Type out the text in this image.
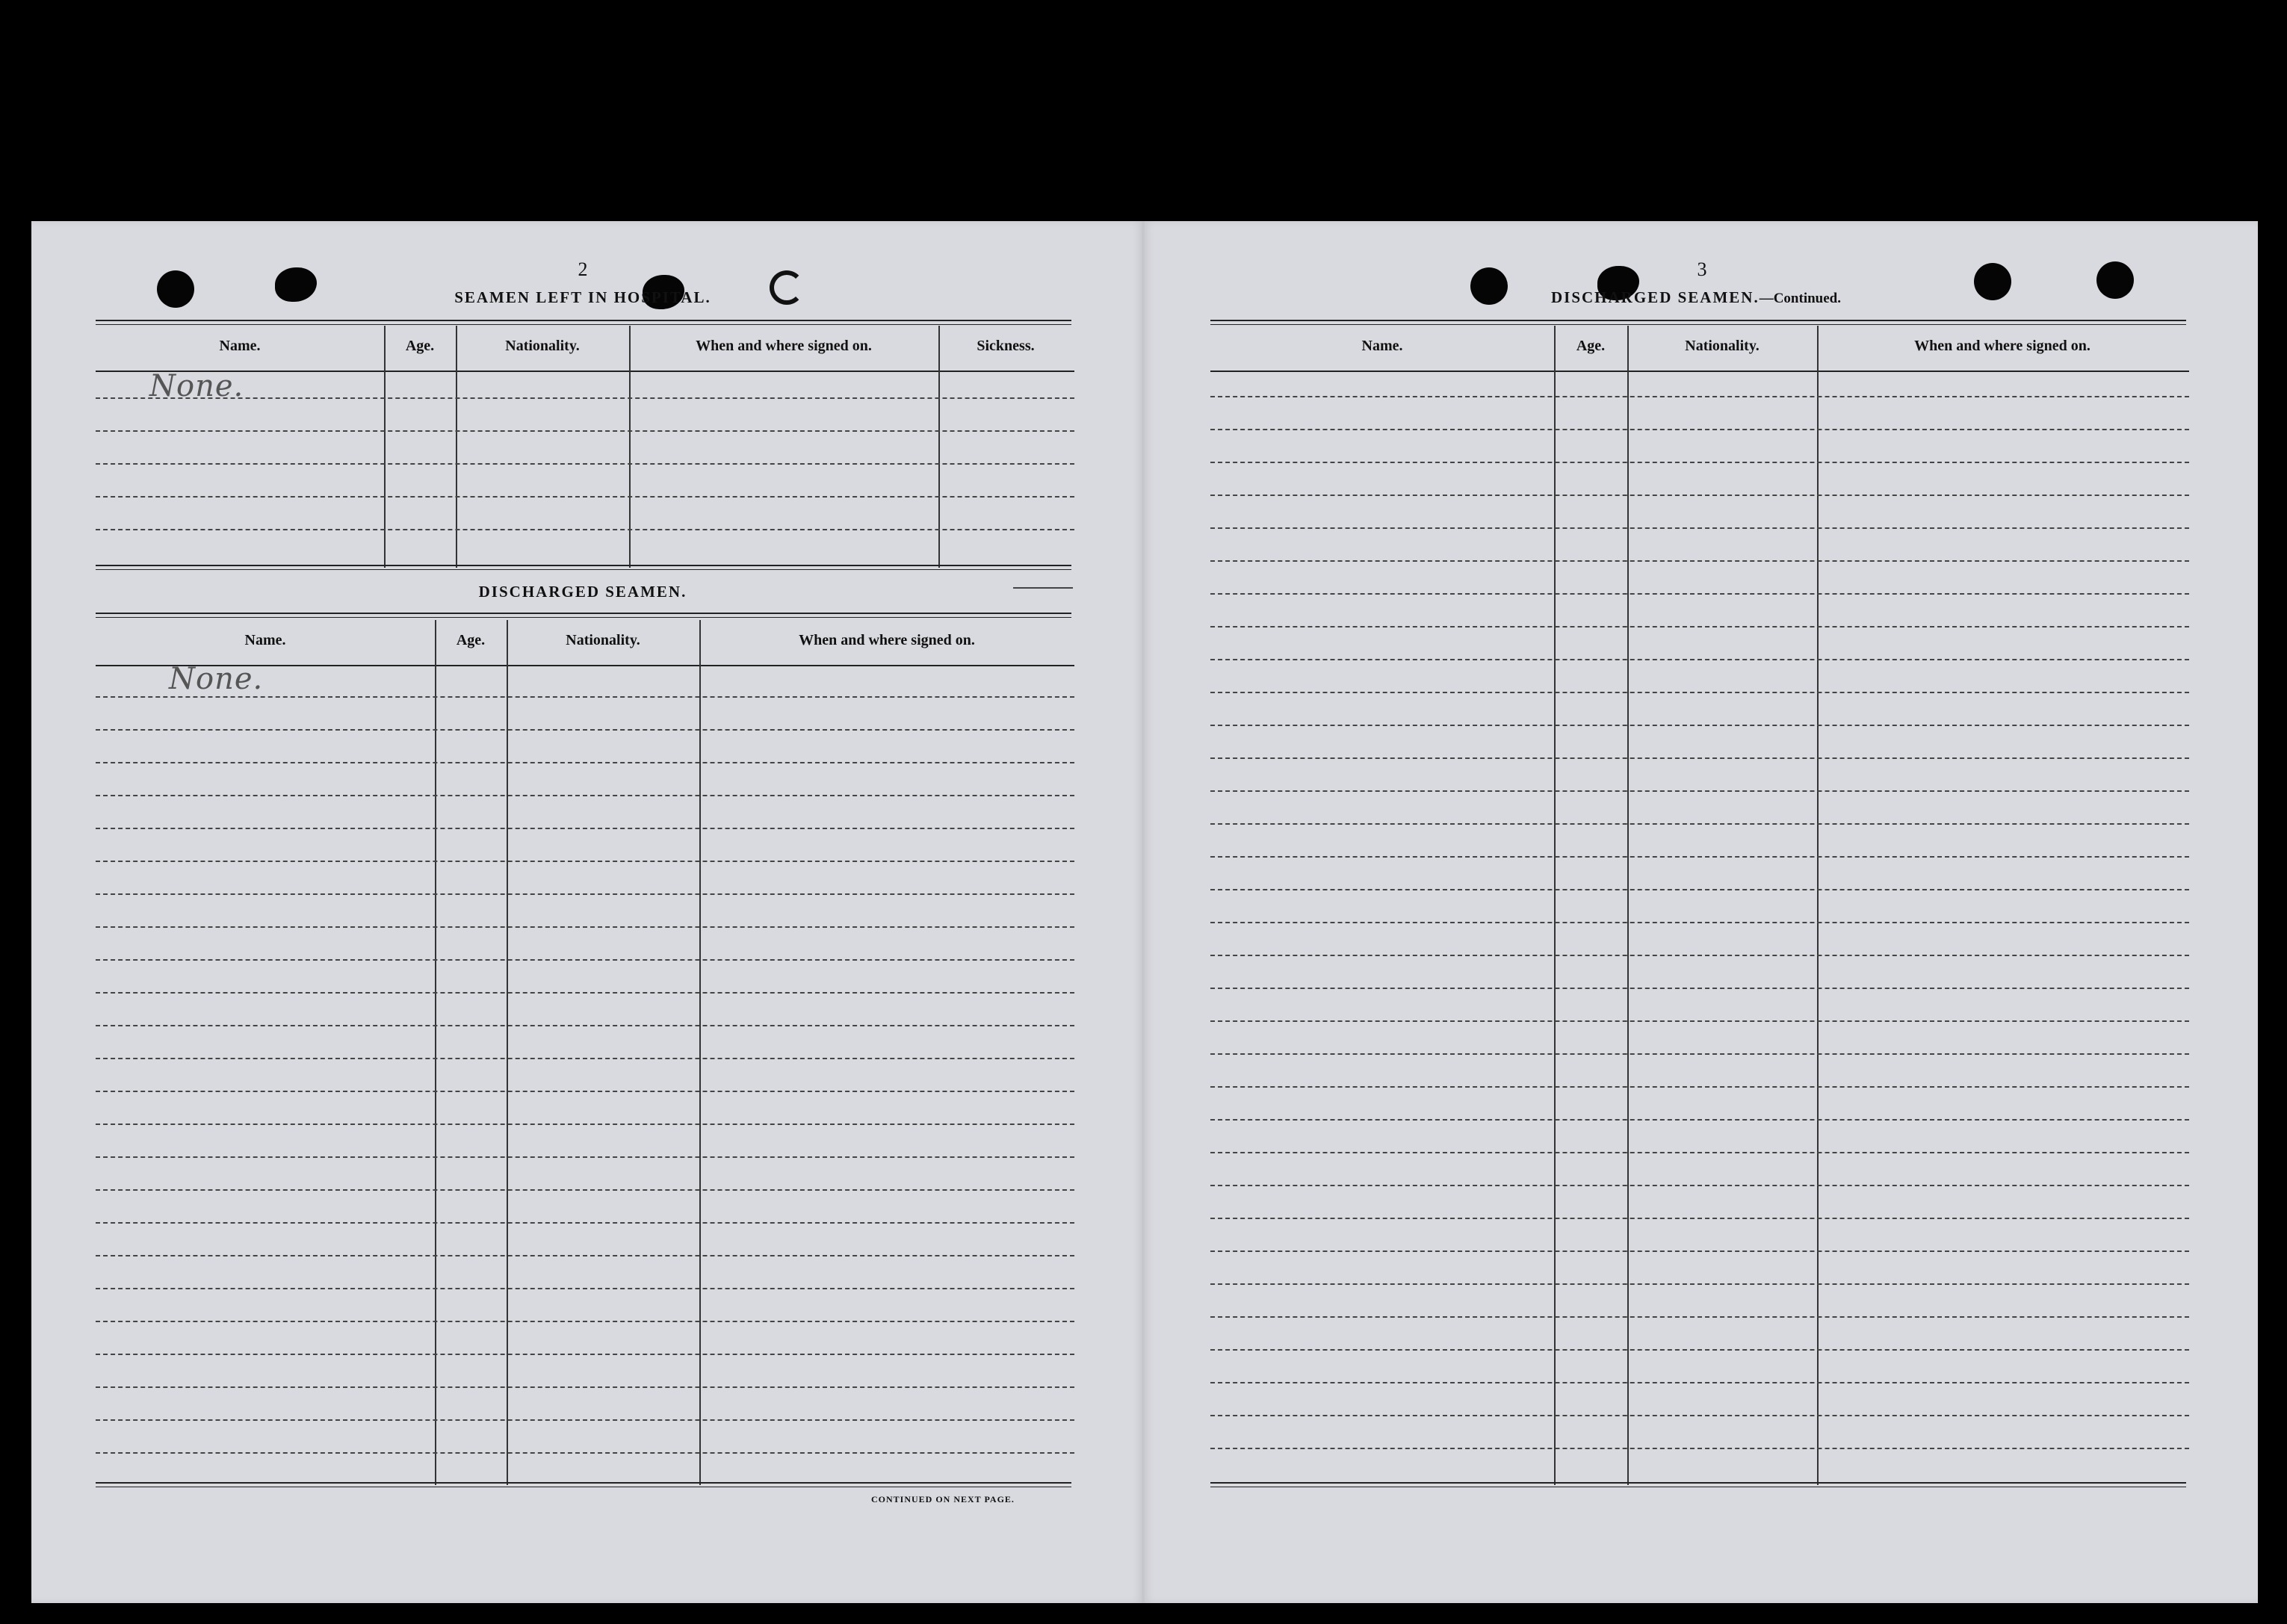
2
SEAMEN LEFT IN HOSPITAL.
Name.	Age.	Nationality.	When and where signed on.	Sickness.
None.
DISCHARGED SEAMEN.
Name.	Age.	Nationality.	When and where signed on.
None.
CONTINUED ON NEXT PAGE.
3
DISCHARGED SEAMEN.—Continued.
Name.	Age.	Nationality.	When and where signed on.
